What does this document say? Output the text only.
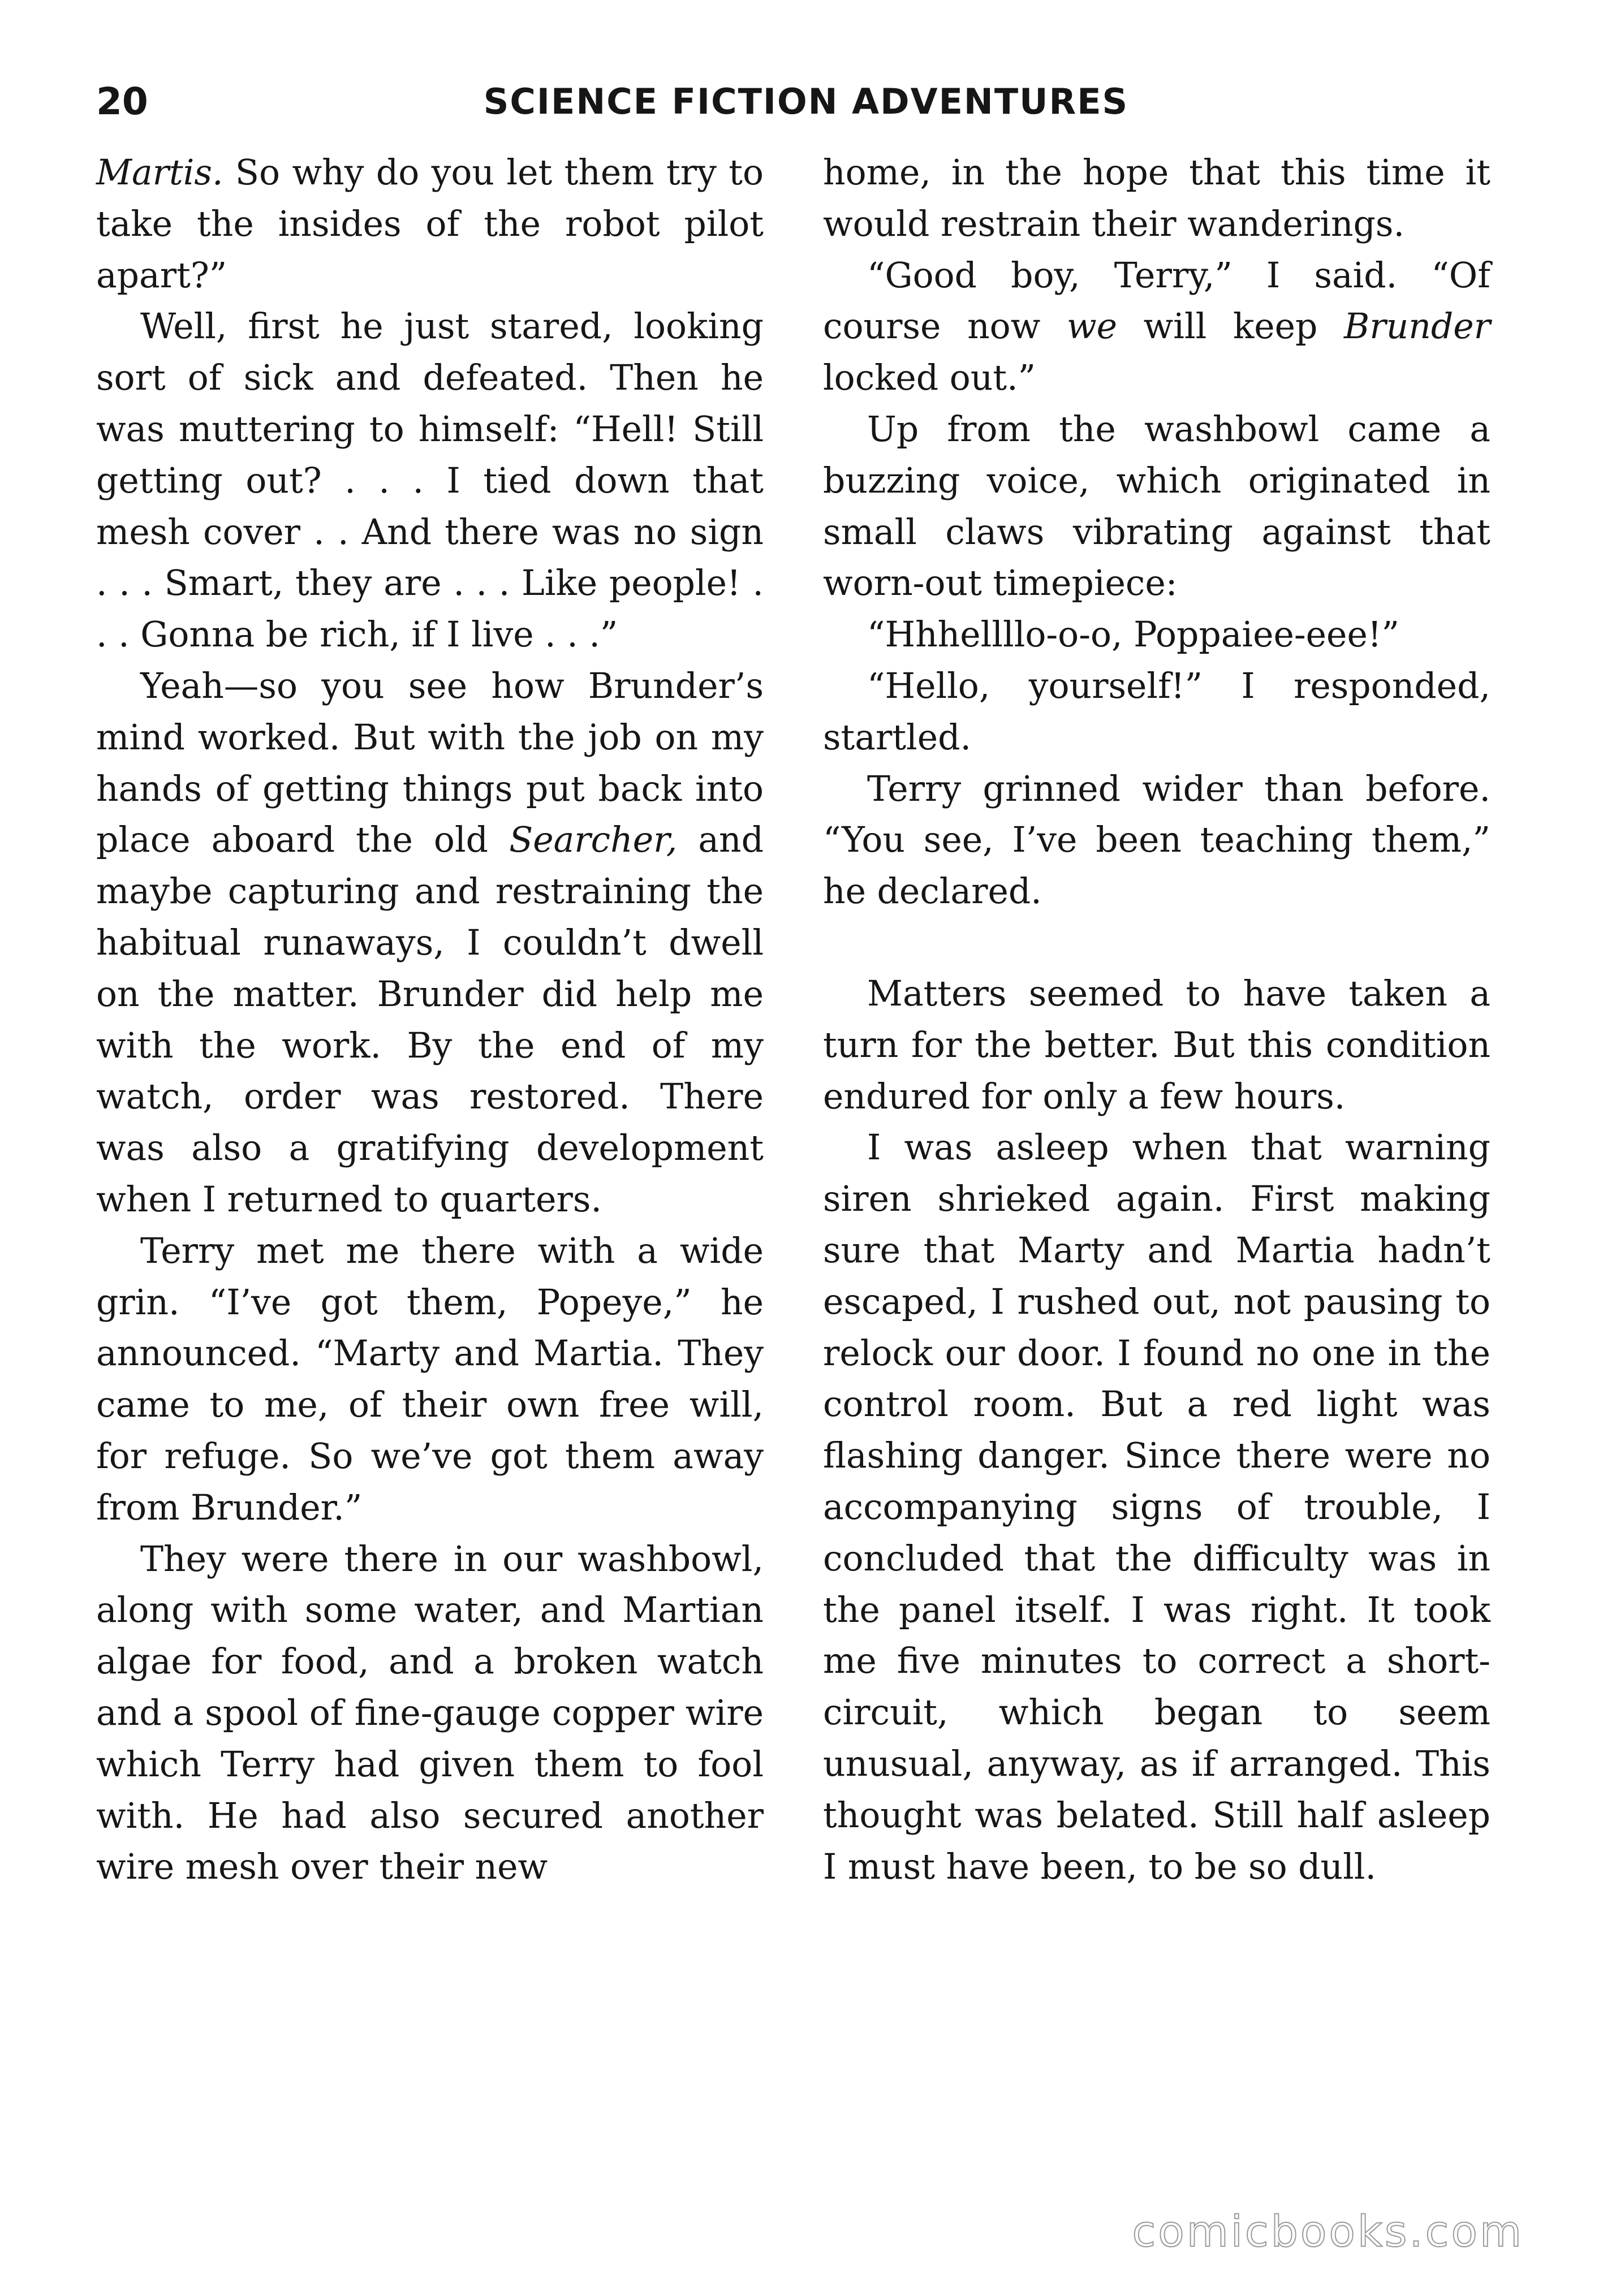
20	SCIENCE FICTION ADVENTURES

Martis. So why do you let them try to take the insides of the robot pilot apart?”

Well, first he just stared, looking sort of sick and defeated. Then he was muttering to himself: “Hell! Still getting out? . . . I tied down that mesh cover . . And there was no sign . . . Smart, they are . . . Like people! . . . Gonna be rich, if I live . . .”

Yeah—so you see how Brunder’s mind worked. But with the job on my hands of getting things put back into place aboard the old Searcher, and maybe capturing and restraining the habitual runaways, I couldn’t dwell on the matter. Brunder did help me with the work. By the end of my watch, order was restored. There was also a gratifying development when I returned to quarters.

Terry met me there with a wide grin. “I’ve got them, Popeye,” he announced. “Marty and Martia. They came to me, of their own free will, for refuge. So we’ve got them away from Brunder.”

They were there in our washbowl, along with some water, and Martian algae for food, and a broken watch and a spool of fine-gauge copper wire which Terry had given them to fool with. He had also secured another wire mesh over their new

home, in the hope that this time it would restrain their wanderings.

“Good boy, Terry,” I said. “Of course now we will keep Brunder locked out.”

Up from the washbowl came a buzzing voice, which originated in small claws vibrating against that worn-out timepiece:

“Hhhellllo-o-o, Poppaiee-eee!”

“Hello, yourself!” I responded, startled.

Terry grinned wider than before. “You see, I’ve been teaching them,” he declared.

Matters seemed to have taken a turn for the better. But this condition endured for only a few hours.

I was asleep when that warning siren shrieked again. First making sure that Marty and Martia hadn’t escaped, I rushed out, not pausing to relock our door. I found no one in the control room. But a red light was flashing danger. Since there were no accompanying signs of trouble, I concluded that the difficulty was in the panel itself. I was right. It took me five minutes to correct a short-circuit, which began to seem unusual, anyway, as if arranged. This thought was belated. Still half asleep I must have been, to be so dull.

comicbooks.com
